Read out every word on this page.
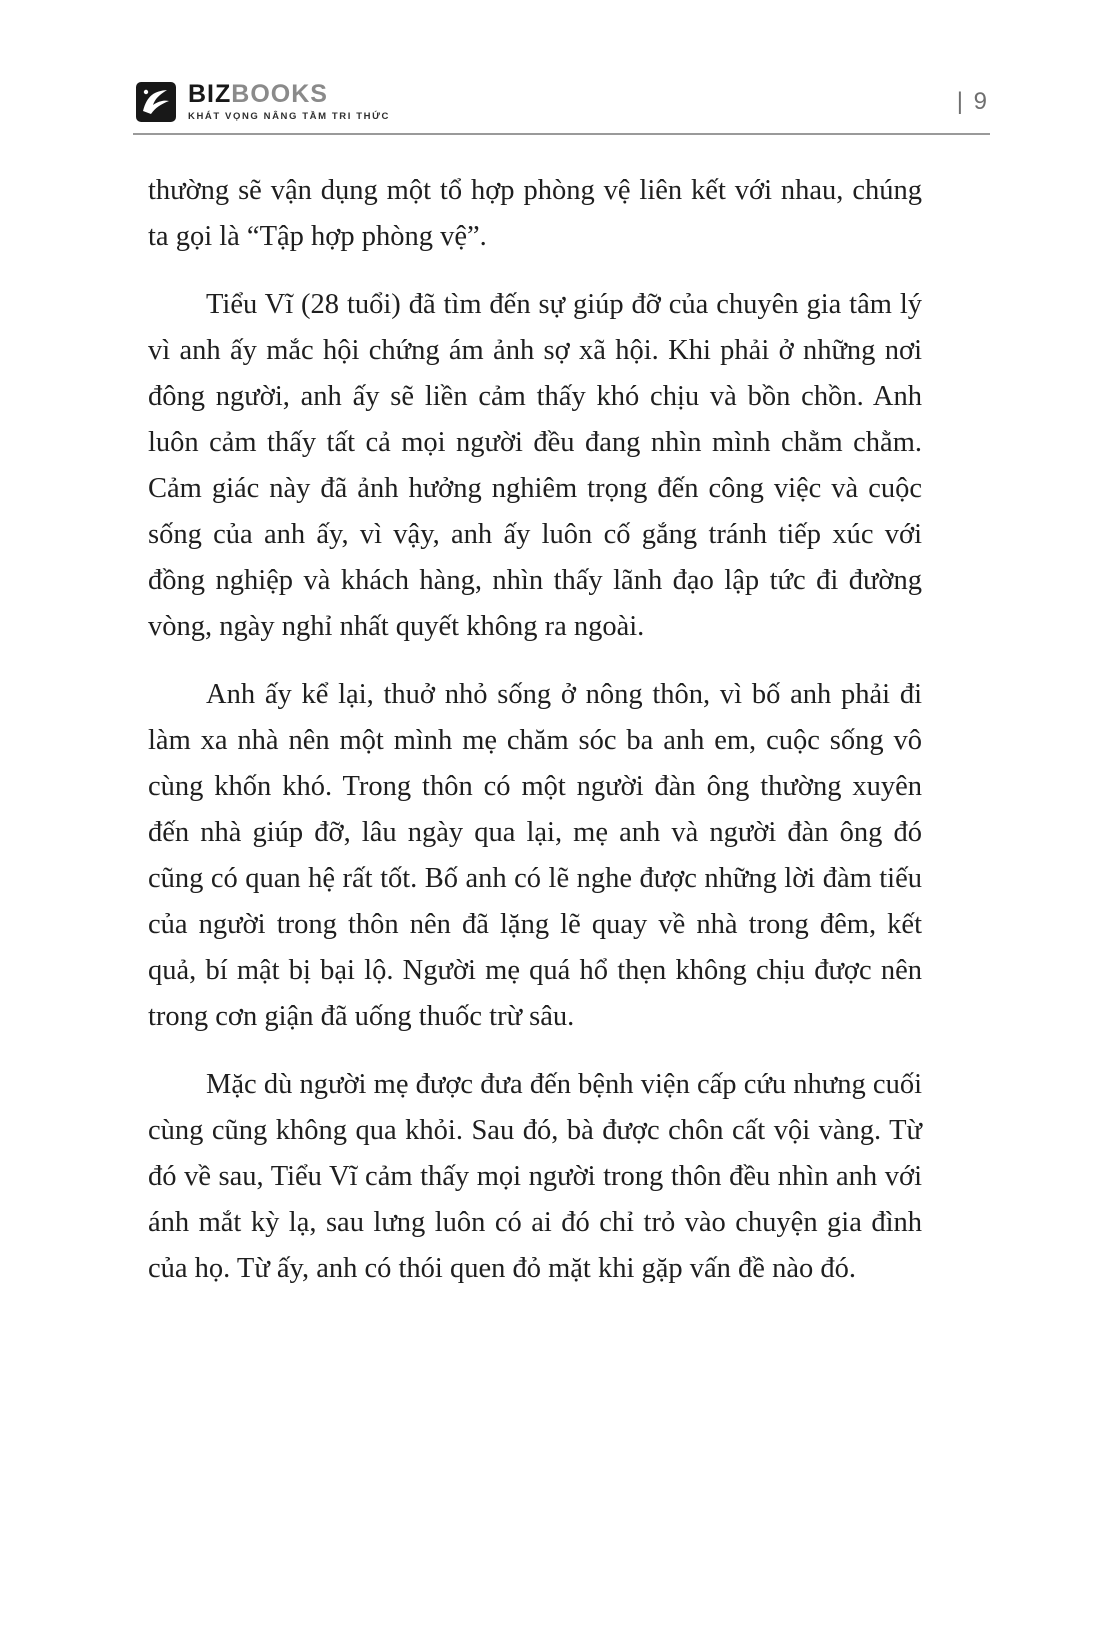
BIZ BOOKS
KHÁT VỌNG NÂNG TẦM TRI THỨC
| 9

thường sẽ vận dụng một tổ hợp phòng vệ liên kết với nhau, chúng ta gọi là “Tập hợp phòng vệ”.

Tiểu Vĩ (28 tuổi) đã tìm đến sự giúp đỡ của chuyên gia tâm lý vì anh ấy mắc hội chứng ám ảnh sợ xã hội. Khi phải ở những nơi đông người, anh ấy sẽ liền cảm thấy khó chịu và bồn chồn. Anh luôn cảm thấy tất cả mọi người đều đang nhìn mình chằm chằm. Cảm giác này đã ảnh hưởng nghiêm trọng đến công việc và cuộc sống của anh ấy, vì vậy, anh ấy luôn cố gắng tránh tiếp xúc với đồng nghiệp và khách hàng, nhìn thấy lãnh đạo lập tức đi đường vòng, ngày nghỉ nhất quyết không ra ngoài.

Anh ấy kể lại, thuở nhỏ sống ở nông thôn, vì bố anh phải đi làm xa nhà nên một mình mẹ chăm sóc ba anh em, cuộc sống vô cùng khốn khó. Trong thôn có một người đàn ông thường xuyên đến nhà giúp đỡ, lâu ngày qua lại, mẹ anh và người đàn ông đó cũng có quan hệ rất tốt. Bố anh có lẽ nghe được những lời đàm tiếu của người trong thôn nên đã lặng lẽ quay về nhà trong đêm, kết quả, bí mật bị bại lộ. Người mẹ quá hổ thẹn không chịu được nên trong cơn giận đã uống thuốc trừ sâu.

Mặc dù người mẹ được đưa đến bệnh viện cấp cứu nhưng cuối cùng cũng không qua khỏi. Sau đó, bà được chôn cất vội vàng. Từ đó về sau, Tiểu Vĩ cảm thấy mọi người trong thôn đều nhìn anh với ánh mắt kỳ lạ, sau lưng luôn có ai đó chỉ trỏ vào chuyện gia đình của họ. Từ ấy, anh có thói quen đỏ mặt khi gặp vấn đề nào đó.
